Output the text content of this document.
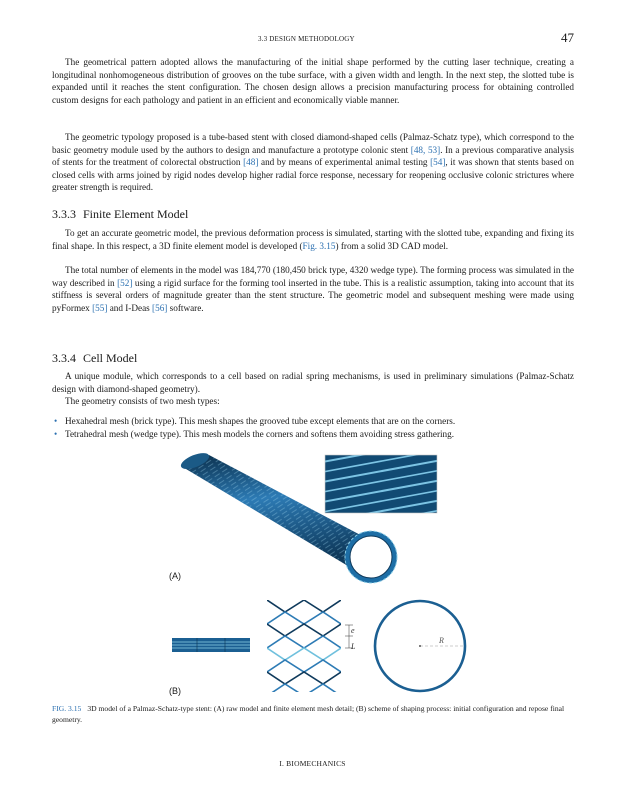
3.3 DESIGN METHODOLOGY	47

The geometrical pattern adopted allows the manufacturing of the initial shape performed by the cutting laser technique, creating a longitudinal nonhomogeneous distribution of grooves on the tube surface, with a given width and length. In the next step, the slotted tube is expanded until it reaches the stent configuration. The chosen design allows a precision manufacturing process for obtaining controlled custom designs for each pathology and patient in an efficient and economically viable manner.

The geometric typology proposed is a tube-based stent with closed diamond-shaped cells (Palmaz-Schatz type), which correspond to the basic geometry module used by the authors to design and manufacture a prototype colonic stent [48, 53]. In a previous comparative analysis of stents for the treatment of colorectal obstruction [48] and by means of experimental animal testing [54], it was shown that stents based on closed cells with arms joined by rigid nodes develop higher radial force response, necessary for reopening occlusive colonic strictures where greater strength is required.

3.3.3 Finite Element Model

To get an accurate geometric model, the previous deformation process is simulated, starting with the slotted tube, expanding and fixing its final shape. In this respect, a 3D finite element model is developed (Fig. 3.15) from a solid 3D CAD model.

The total number of elements in the model was 184,770 (180,450 brick type, 4320 wedge type). The forming process was simulated in the way described in [52] using a rigid surface for the forming tool inserted in the tube. This is a realistic assumption, taking into account that its stiffness is several orders of magnitude greater than the stent structure. The geometric model and subsequent meshing were made using pyFormex [55] and I-Deas [56] software.

3.3.4 Cell Model

A unique module, which corresponds to a cell based on radial spring mechanisms, is used in preliminary simulations (Palmaz-Schatz design with diamond-shaped geometry).

The geometry consists of two mesh types:

• Hexahedral mesh (brick type). This mesh shapes the grooved tube except elements that are on the corners.
• Tetrahedral mesh (wedge type). This mesh models the corners and softens them avoiding stress gathering.
(A)
e
L
R
(B)

FIG. 3.15 3D model of a Palmaz-Schatz-type stent: (A) raw model and finite element mesh detail; (B) scheme of shaping process: initial configuration and repose final geometry.

I. BIOMECHANICS
